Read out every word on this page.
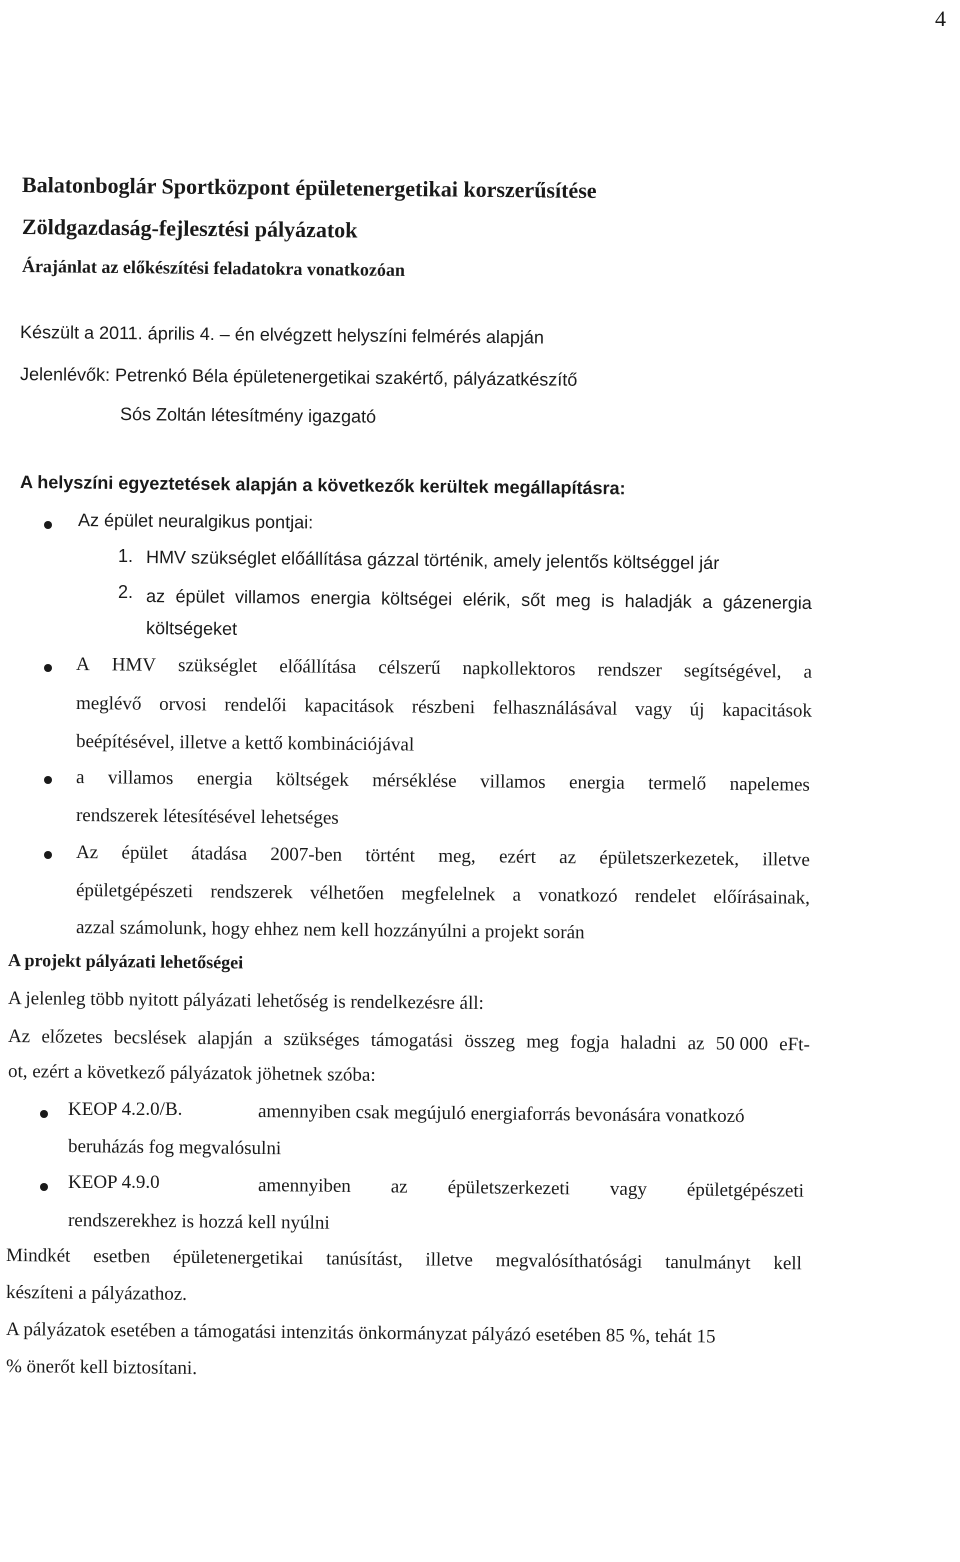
4
Balatonboglár Sportközpont épületenergetikai korszerűsítése
Zöldgazdaság-fejlesztési pályázatok
Árajánlat az előkészítési feladatokra vonatkozóan
Készült a 2011. április 4. – én elvégzett helyszíni felmérés alapján
Jelenlévők: Petrenkó Béla épületenergetikai szakértő, pályázatkészítő
Sós Zoltán létesítmény igazgató
A helyszíni egyeztetések alapján a következők kerültek megállapításra:
Az épület neuralgikus pontjai:
1. HMV szükséglet előállítása gázzal történik, amely jelentős költséggel jár
2. az épület villamos energia költségei elérik, sőt meg is haladják a gázenergia
költségeket
A HMV szükséglet előállítása célszerű napkollektoros rendszer segítségével, a
meglévő orvosi rendelői kapacitások részbeni felhasználásával vagy új kapacitások
beépítésével, illetve a kettő kombinációjával
a villamos energia költségek mérséklése villamos energia termelő napelemes
rendszerek létesítésével lehetséges
Az épület átadása 2007-ben történt meg, ezért az épületszerkezetek, illetve
épületgépészeti rendszerek vélhetően megfelelnek a vonatkozó rendelet előírásainak,
azzal számolunk, hogy ehhez nem kell hozzányúlni a projekt során
A projekt pályázati lehetőségei
A jelenleg több nyitott pályázati lehetőség is rendelkezésre áll:
Az előzetes becslések alapján a szükséges támogatási összeg meg fogja haladni az 50 000 eFt-
ot, ezért a következő pályázatok jöhetnek szóba:
KEOP 4.2.0/B.	amennyiben csak megújuló energiaforrás bevonására vonatkozó
beruházás fog megvalósulni
KEOP 4.9.0	amennyiben az épületszerkezeti vagy épületgépészeti
rendszerekhez is hozzá kell nyúlni
Mindkét esetben épületenergetikai tanúsítást, illetve megvalósíthatósági tanulmányt kell
készíteni a pályázathoz.
A pályázatok esetében a támogatási intenzitás önkormányzat pályázó esetében 85 %, tehát 15
% önerőt kell biztosítani.
